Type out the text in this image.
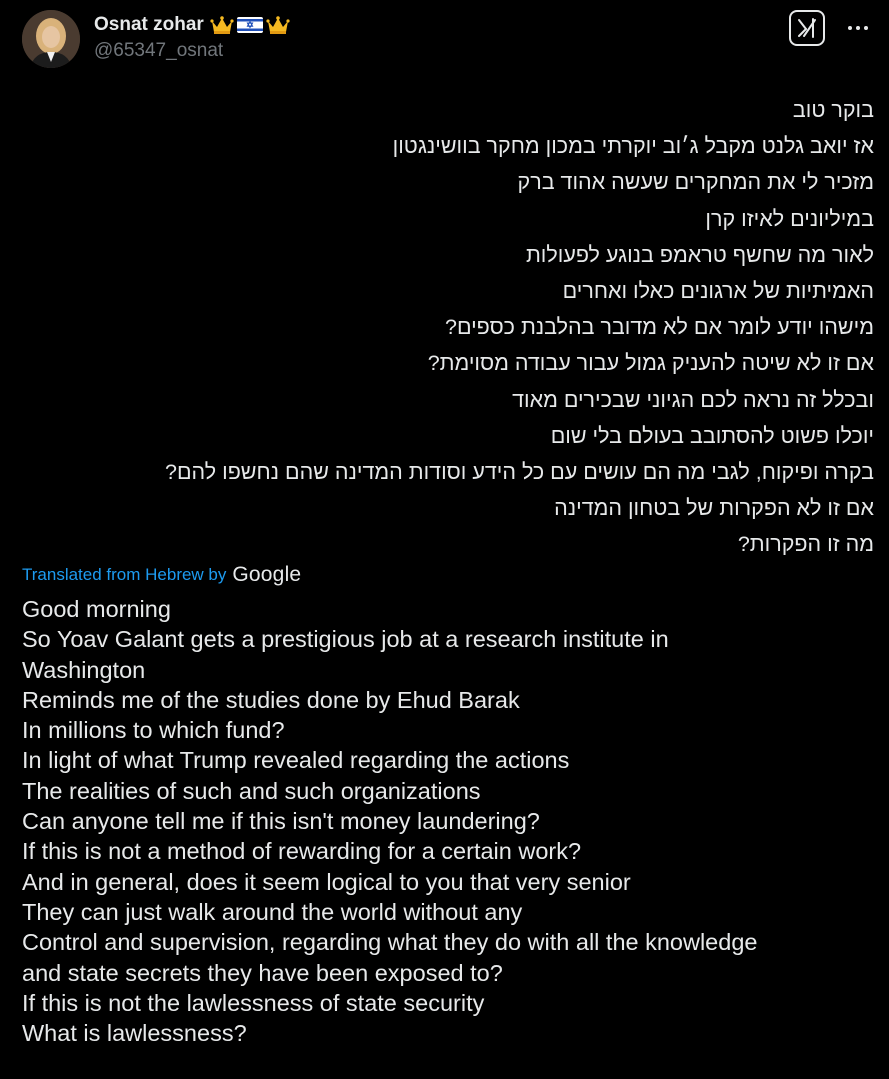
Osnat zohar
@65347_osnat
בוקר טוב
אז יואב גלנט מקבל ג׳וב יוקרתי במכון מחקר בוושינגטון
מזכיר לי את המחקרים שעשה אהוד ברק
במיליונים לאיזו קרן
לאור מה שחשף טראמפ בנוגע לפעולות
האמיתיות של ארגונים כאלו ואחרים
מישהו יודע לומר אם לא מדובר בהלבנת כספים?
אם זו לא שיטה להעניק גמול עבור עבודה מסוימת?
ובכלל זה נראה לכם הגיוני שבכירים מאוד
יוכלו פשוט להסתובב בעולם בלי שום
בקרה ופיקוח, לגבי מה הם עושים עם כל הידע וסודות המדינה שהם נחשפו להם?
אם זו לא הפקרות של בטחון המדינה
מה זו הפקרות?
Translated from Hebrew by Google
Good morning
So Yoav Galant gets a prestigious job at a research institute in
Washington
Reminds me of the studies done by Ehud Barak
In millions to which fund?
In light of what Trump revealed regarding the actions
The realities of such and such organizations
Can anyone tell me if this isn't money laundering?
If this is not a method of rewarding for a certain work?
And in general, does it seem logical to you that very senior
They can just walk around the world without any
Control and supervision, regarding what they do with all the knowledge
and state secrets they have been exposed to?
If this is not the lawlessness of state security
What is lawlessness?
